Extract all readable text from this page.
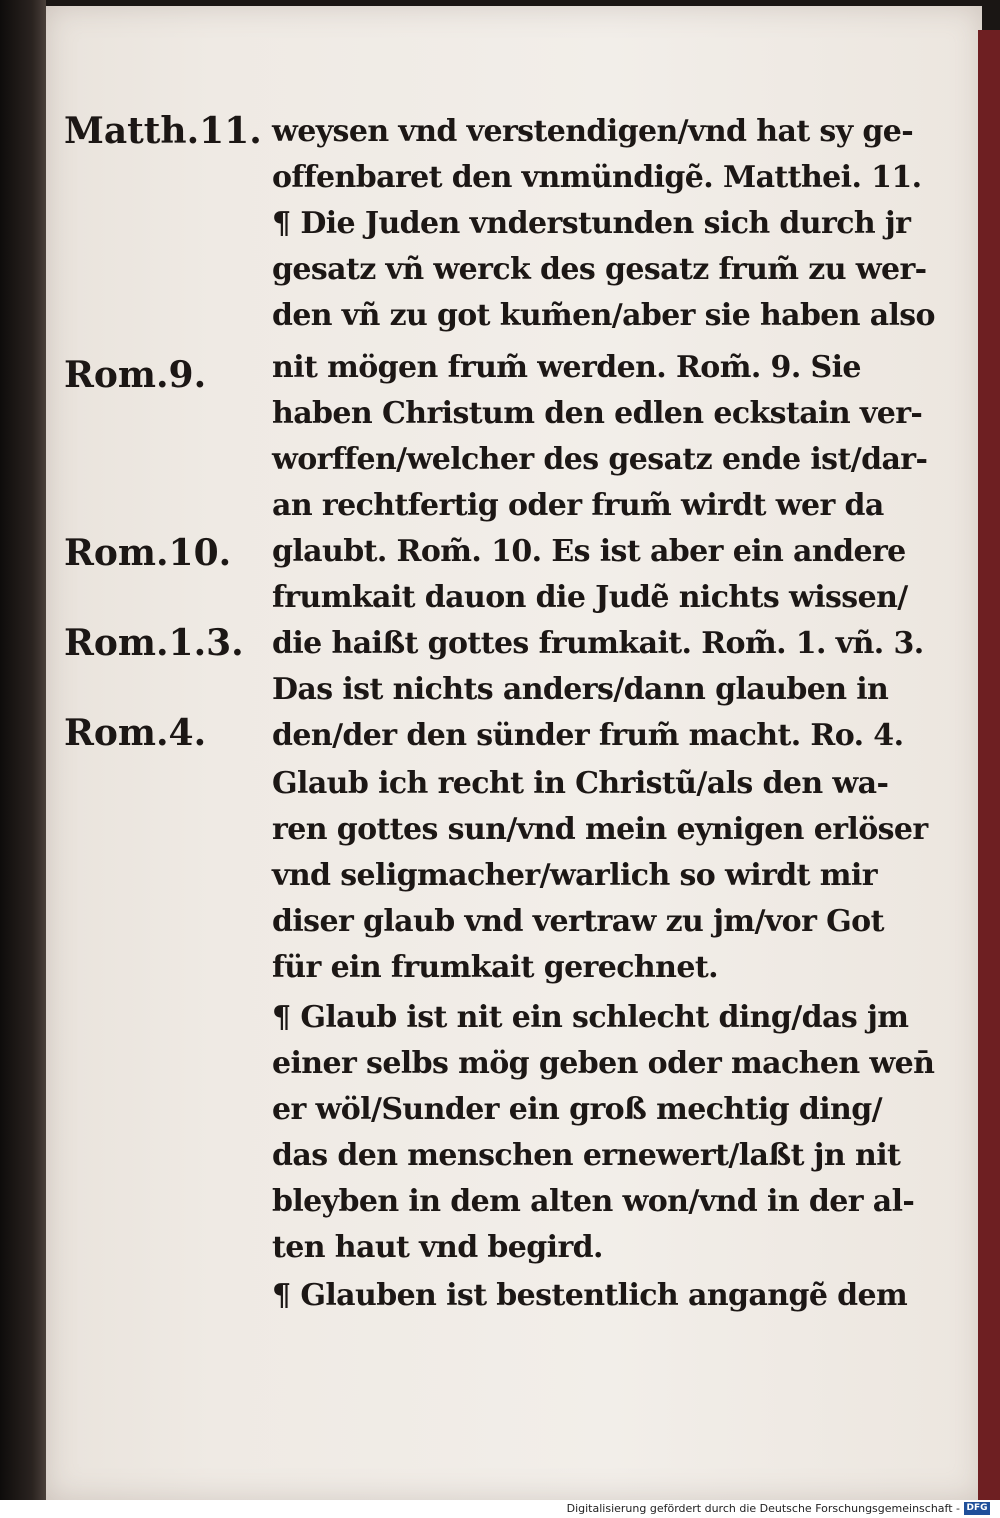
Matth.11.
Rom.9.
Rom.10.
Rom.1.3.
Rom.4.
weysen vnd verstendigen/vnd hat sy ge-
offenbaret den vnmündigẽ. Matthei. 11.
¶ Die Juden vnderstunden sich durch jr
gesatz vñ werck des gesatz frum̃ zu wer-
den vñ zu got kum̃en/aber sie haben also
nit mögen frum̃ werden. Rom̃. 9. Sie
haben Christum den edlen eckstain ver-
worffen/welcher des gesatz ende ist/dar-
an rechtfertig oder frum̃ wirdt wer da
glaubt. Rom̃. 10. Es ist aber ein andere
frumkait dauon die Judẽ nichts wissen/
die haißt gottes frumkait. Rom̃. 1. vñ. 3.
Das ist nichts anders/dann glauben in
den/der den sünder frum̃ macht. Ro. 4.
Glaub ich recht in Christũ/als den wa-
ren gottes sun/vnd mein eynigen erlöser
vnd seligmacher/warlich so wirdt mir
diser glaub vnd vertraw zu jm/vor Got
für ein frumkait gerechnet.
¶ Glaub ist nit ein schlecht ding/das jm
einer selbs mög geben oder machen wen̄
er wöl/Sunder ein groß mechtig ding/
das den menschen ernewert/laßt jn nit
bleyben in dem alten won/vnd in der al-
ten haut vnd begird.
¶ Glauben ist bestentlich angangẽ dem
Digitalisierung gefördert durch die Deutsche Forschungsgemeinschaft - DFG
